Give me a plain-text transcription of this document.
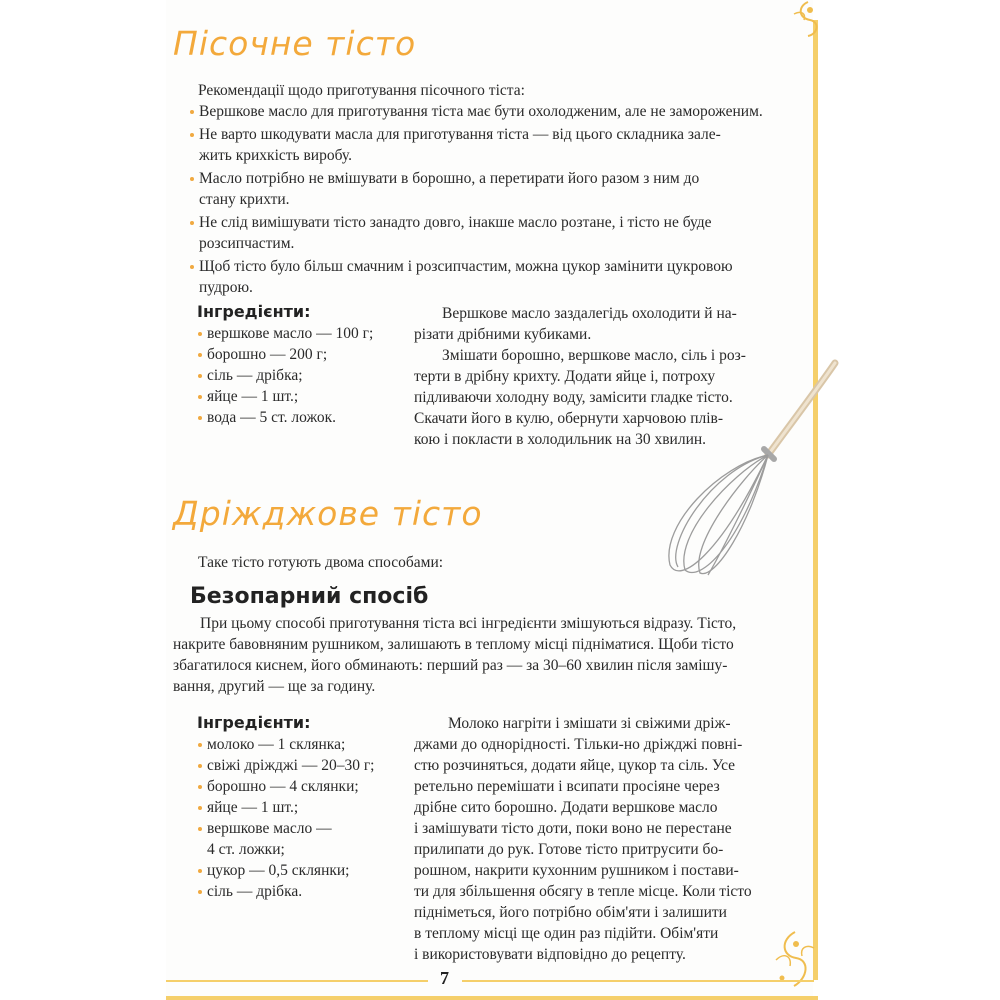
Пісочне тісто

Рекомендації щодо приготування пісочного тіста:

Вершкове масло для приготування тіста має бути охолодженим, але не замороженим.
Не варто шкодувати масла для приготування тіста — від цього складника зале-
жить крихкість виробу.
Масло потрібно не вмішувати в борошно, а перетирати його разом з ним до
стану крихти.
Не слід вимішувати тісто занадто довго, інакше масло розтане, і тісто не буде
розсипчастим.
Щоб тісто було більш смачним і розсипчастим, можна цукор замінити цукровою
пудрою.
Інгредієнти:
вершкове масло — 100 г;
борошно — 200 г;
сіль — дрібка;
яйце — 1 шт.;
вода — 5 ст. ложок.
Вершкове масло заздалегідь охолодити й на-
різати дрібними кубиками.
Змішати борошно, вершкове масло, сіль і роз-
терти в дрібну крихту. Додати яйце і, потроху
підливаючи холодну воду, замісити гладке тісто.
Скачати його в кулю, обернути харчовою плів-
кою і покласти в холодильник на 30 хвилин.
Дріжджове тісто

Таке тісто готують двома способами:

Безопарний спосіб
При цьому способі приготування тіста всі інгредієнти змішуються відразу. Тісто,
накрите бавовняним рушником, залишають в теплому місці підніматися. Щоби тісто
збагатилося киснем, його обминають: перший раз — за 30–60 хвилин після замішу-
вання, другий — ще за годину.
Інгредієнти:
молоко — 1 склянка;
свіжі дріжджі — 20–30 г;
борошно — 4 склянки;
яйце — 1 шт.;
вершкове масло —
4 ст. ложки;
цукор — 0,5 склянки;
сіль — дрібка.
Молоко нагріти і змішати зі свіжими дріж-
джами до однорідності. Тільки-но дріжджі повні-
стю розчиняться, додати яйце, цукор та сіль. Усе
ретельно перемішати і всипати просіяне через
дрібне сито борошно. Додати вершкове масло
і замішувати тісто доти, поки воно не перестане
прилипати до рук. Готове тісто притрусити бо-
рошном, накрити кухонним рушником і постави-
ти для збільшення обсягу в тепле місце. Коли тісто
підніметься, його потрібно обім'яти і залишити
в теплому місці ще один раз підійти. Обім'яти
і використовувати відповідно до рецепту.
7
